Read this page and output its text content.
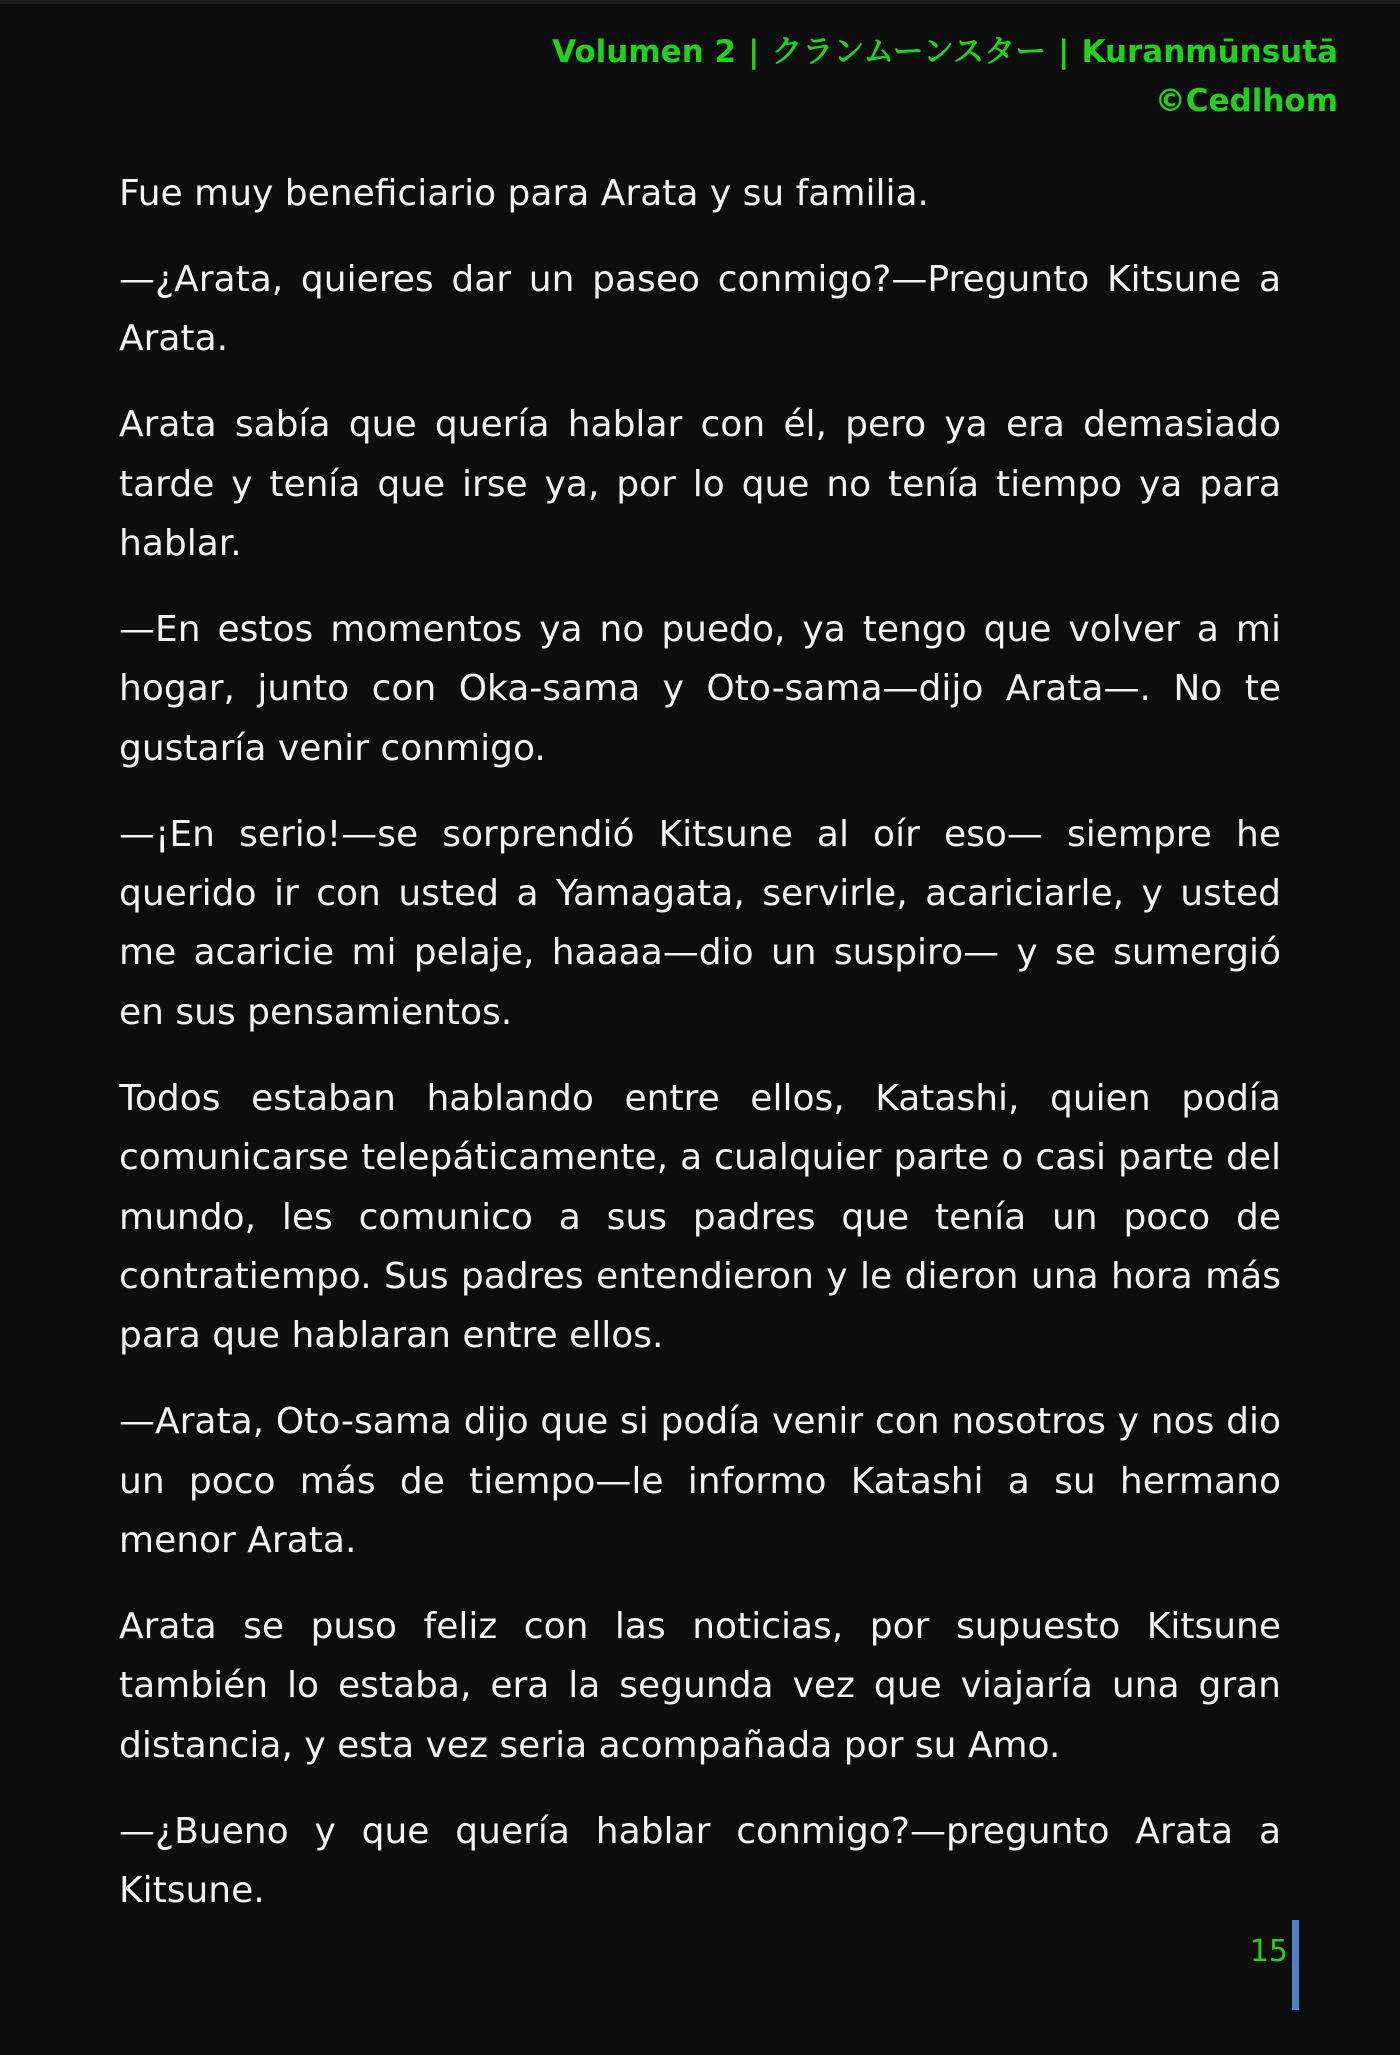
Volumen 2 | クランムーンスター | Kuranmūnsutā
©Cedlhom

Fue muy beneficiario para Arata y su familia.

—¿Arata, quieres dar un paseo conmigo?—Pregunto Kitsune a Arata.

Arata sabía que quería hablar con él, pero ya era demasiado tarde y tenía que irse ya, por lo que no tenía tiempo ya para hablar.

—En estos momentos ya no puedo, ya tengo que volver a mi hogar, junto con Oka-sama y Oto-sama—dijo Arata—. No te gustaría venir conmigo.

—¡En serio!—se sorprendió Kitsune al oír eso— siempre he querido ir con usted a Yamagata, servirle, acariciarle, y usted me acaricie mi pelaje, haaaa—dio un suspiro— y se sumergió en sus pensamientos.

Todos estaban hablando entre ellos, Katashi, quien podía comunicarse telepáticamente, a cualquier parte o casi parte del mundo, les comunico a sus padres que tenía un poco de contratiempo. Sus padres entendieron y le dieron una hora más para que hablaran entre ellos.

—Arata, Oto-sama dijo que si podía venir con nosotros y nos dio un poco más de tiempo—le informo Katashi a su hermano menor Arata.

Arata se puso feliz con las noticias, por supuesto Kitsune también lo estaba, era la segunda vez que viajaría una gran distancia, y esta vez seria acompañada por su Amo.

—¿Bueno y que quería hablar conmigo?—pregunto Arata a Kitsune.

15
